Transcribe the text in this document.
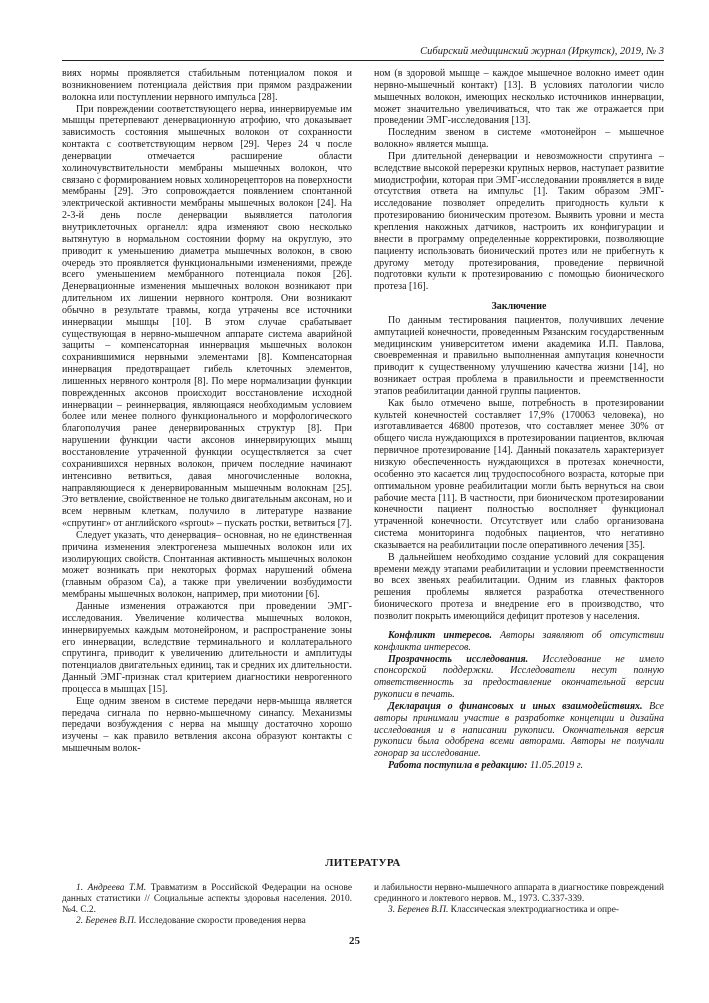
Сибирский медицинский журнал (Иркутск), 2019, № 3

виях нормы проявляется стабильным потенциалом покоя и возникновением потенциала действия при прямом раздражении волокна или поступлении нервного импульса [28].

При повреждении соответствующего нерва, иннервируемые им мышцы претерпевают денервационную атрофию, что доказывает зависимость состояния мышечных волокон от сохранности контакта с соответствующим нервом [29]. Через 24 ч после денервации отмечается расширение области холиночувствительности мембраны мышечных волокон, что связано с формированием новых холинорецепторов на поверхности мембраны [29]. Это сопровождается появлением спонтанной электрической активности мембраны мышечных волокон [24]. На 2-3-й день после денервации выявляется патология внутриклеточных органелл: ядра изменяют свою несколько вытянутую в нормальном состоянии форму на округлую, это приводит к уменьшению диаметра мышечных волокон, в свою очередь это проявляется функциональными изменениями, прежде всего уменьшением мембранного потенциала покоя [26]. Денервационные изменения мышечных волокон возникают при длительном их лишении нервного контроля. Они возникают обычно в результате травмы, когда утрачены все источники иннервации мышцы [10]. В этом случае срабатывает существующая в нервно-мышечном аппарате система аварийной защиты – компенсаторная иннервация мышечных волокон сохранившимися нервными элементами [8]. Компенсаторная иннервация предотвращает гибель клеточных элементов, лишенных нервного контроля [8]. По мере нормализации функции поврежденных аксонов происходит восстановление исходной иннервации – реиннервация, являющаяся необходимым условием более или менее полного функционального и морфологического благополучия ранее денервированных структур [8]. При нарушении функции части аксонов иннервирующих мышц восстановление утраченной функции осуществляется за счет сохранившихся нервных волокон, причем последние начинают интенсивно ветвиться, давая многочисленные волокна, направляющиеся к денервированным мышечным волокнам [25]. Это ветвление, свойственное не только двигательным аксонам, но и всем нервным клеткам, получило в литературе название «спрутинг» от английского «sprout» – пускать ростки, ветвиться [7].

Следует указать, что денервация– основная, но не единственная причина изменения электрогенеза мышечных волокон или их изолирующих свойств. Спонтанная активность мышечных волокон может возникать при некоторых формах нарушений обмена (главным образом Ca), а также при увеличении возбудимости мембраны мышечных волокон, например, при миотонии [6].

Данные изменения отражаются при проведении ЭМГ-исследования. Увеличение количества мышечных волокон, иннервируемых каждым мотонейроном, и распространение зоны его иннервации, вследствие терминального и коллатерального спрутинга, приводит к увеличению длительности и амплитуды потенциалов двигательных единиц, так и средних их длительности. Данный ЭМГ-признак стал критерием диагностики неврогенного процесса в мышцах [15].

Еще одним звеном в системе передачи нерв-мышца является передача сигнала по нервно-мышечному синапсу. Механизмы передачи возбуждения с нерва на мышцу достаточно хорошо изучены – как правило ветвления аксона образуют контакты с мышечным волок-

ном (в здоровой мышце – каждое мышечное волокно имеет один нервно-мышечный контакт) [13]. В условиях патологии число мышечных волокон, имеющих несколько источников иннервации, может значительно увеличиваться, что так же отражается при проведении ЭМГ-исследования [13].

Последним звеном в системе «мотонейрон – мышечное волокно» является мышца.

При длительной денервации и невозможности спрутинга – вследствие высокой перерезки крупных нервов, наступает развитие миодистрофии, которая при ЭМГ-исследовании проявляется в виде отсутствия ответа на импульс [1]. Таким образом ЭМГ-исследование позволяет определить пригодность культи к протезированию бионическим протезом. Выявить уровни и места крепления накожных датчиков, настроить их конфигурации и внести в программу определенные корректировки, позволяющие пациенту использовать бионический протез или не прибегнуть к другому методу протезирования, проведение первичной подготовки культи к протезированию с помощью бионического протеза [16].

Заключение

По данным тестирования пациентов, получивших лечение ампутацией конечности, проведенным Рязанским государственным медицинским университетом имени академика И.П. Павлова, своевременная и правильно выполненная ампутация конечности приводит к существенному улучшению качества жизни [14], но возникает острая проблема в правильности и преемственности этапов реабилитации данной группы пациентов.

Как было отмечено выше, потребность в протезировании культей конечностей составляет 17,9% (170063 человека), но изготавливается 46800 протезов, что составляет менее 30% от общего числа нуждающихся в протезировании пациентов, включая первичное протезирование [14]. Данный показатель характеризует низкую обеспеченность нуждающихся в протезах конечности, особенно это касается лиц трудоспособного возраста, которые при оптимальном уровне реабилитации могли быть вернуться на свои рабочие места [11]. В частности, при бионическом протезировании конечности пациент полностью восполняет функционал утраченной конечности. Отсутствует или слабо организована система мониторинга подобных пациентов, что негативно сказывается на реабилитации после оперативного лечения [35].

В дальнейшем необходимо создание условий для сокращения времени между этапами реабилитации и условии преемственности во всех звеньях реабилитации. Одним из главных факторов решения проблемы является разработка отечественного бионического протеза и внедрение его в производство, что позволит покрыть имеющийся дефицит протезов у населения.

Конфликт интересов. Авторы заявляют об отсутствии конфликта интересов.

Прозрачность исследования. Исследование не имело спонсорской поддержки. Исследователи несут полную ответственность за предоставление окончательной версии рукописи в печать.

Декларация о финансовых и иных взаимодействиях. Все авторы принимали участие в разработке концепции и дизайна исследования и в написании рукописи. Окончательная версия рукописи была одобрена всеми авторами. Авторы не получали гонорар за исследование.

Работа поступила в редакцию: 11.05.2019 г.

ЛИТЕРАТУРА

1. Андреева Т.М. Травматизм в Российской Федерации на основе данных статистики // Социальные аспекты здоровья населения. 2010. №4. С.2.

2. Беренев В.П. Исследование скорости проведения нерва

и лабильности нервно-мышечного аппарата в диагностике повреждений срединного и локтевого нервов. М., 1973. С.337-339.

3. Беренев В.П. Классическая электродиагностика и опре-

25
